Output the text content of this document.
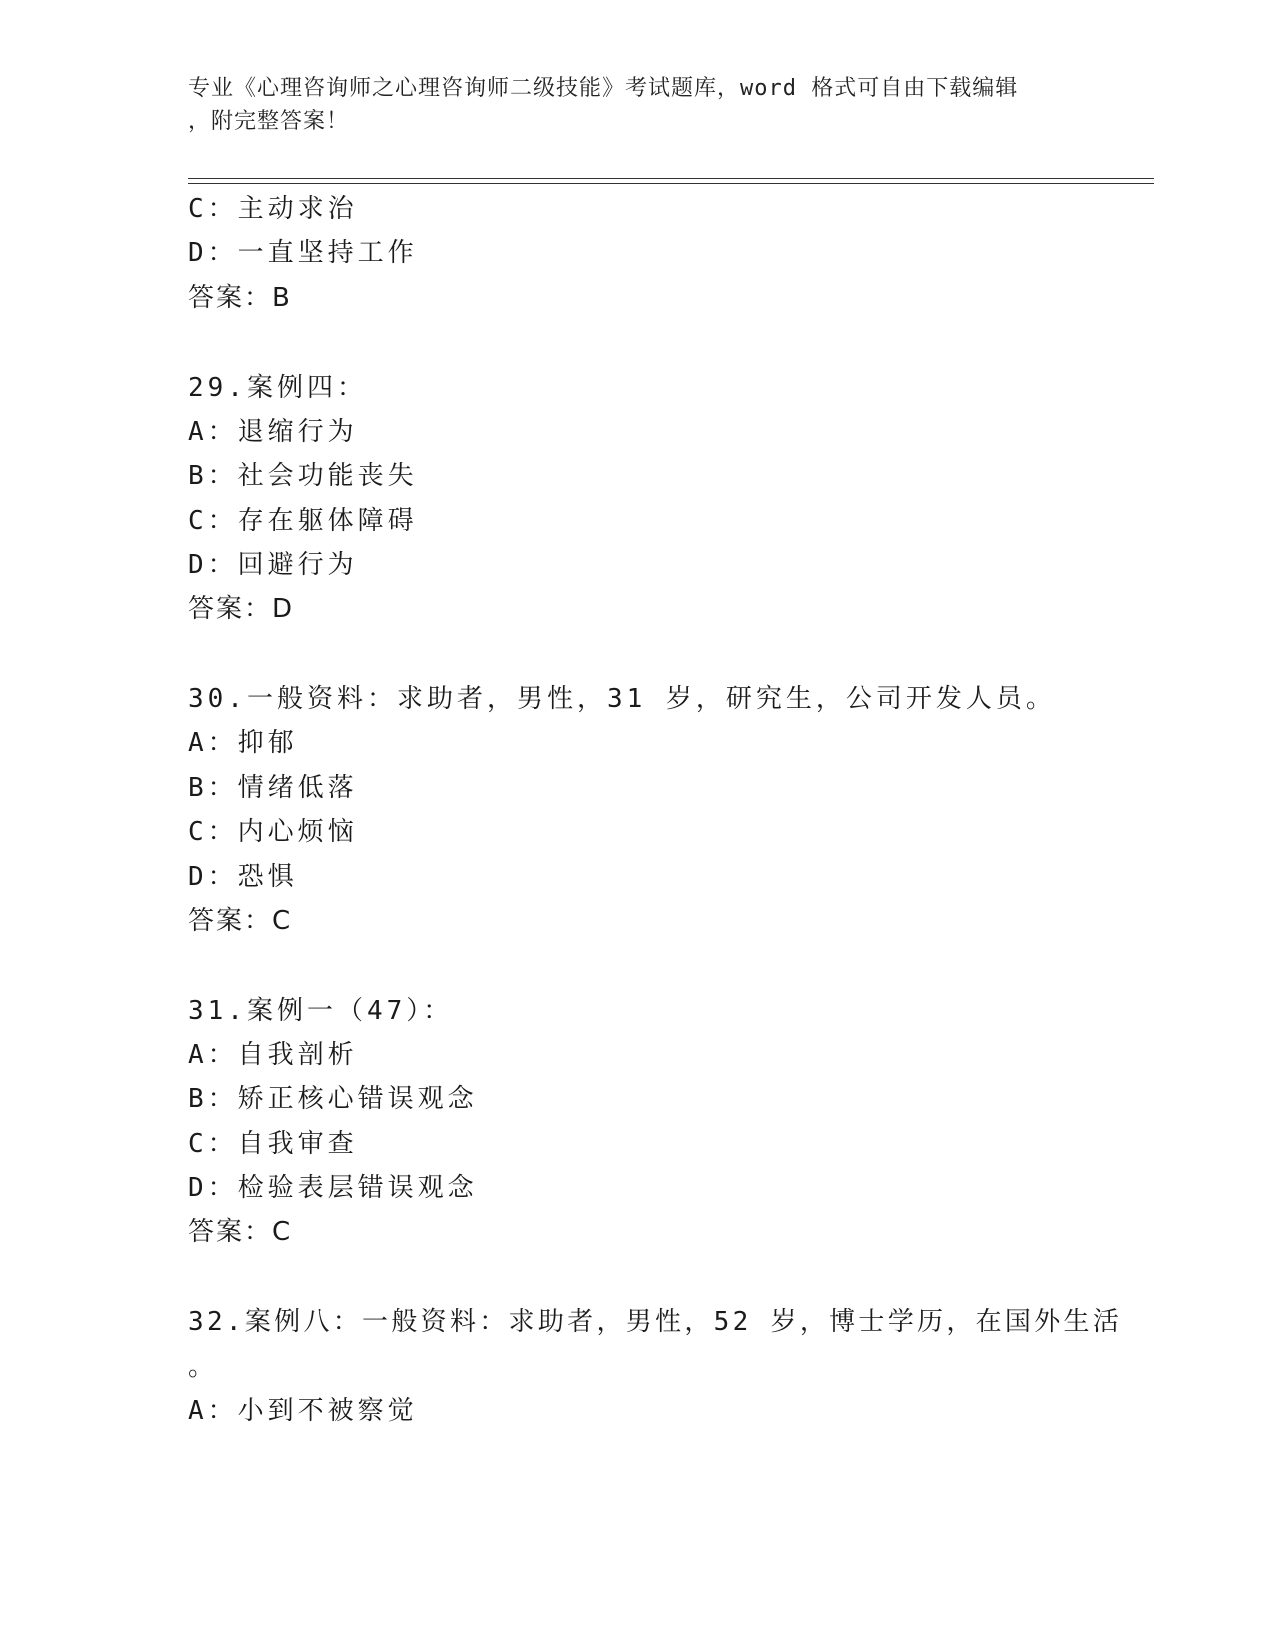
专业《心理咨询师之心理咨询师二级技能》考试题库，word 格式可自由下载编辑
，附完整答案！
C：主动求治
D：一直坚持工作
答案：B
29.案例四：
A：退缩行为
B：社会功能丧失
C：存在躯体障碍
D：回避行为
答案：D
30.一般资料：求助者，男性，31 岁，研究生，公司开发人员。
A：抑郁
B：情绪低落
C：内心烦恼
D：恐惧
答案：C
31.案例一（47）：
A：自我剖析
B：矫正核心错误观念
C：自我审查
D：检验表层错误观念
答案：C
32.案例八：一般资料：求助者，男性，52 岁，博士学历，在国外生活
。
A：小到不被察觉
